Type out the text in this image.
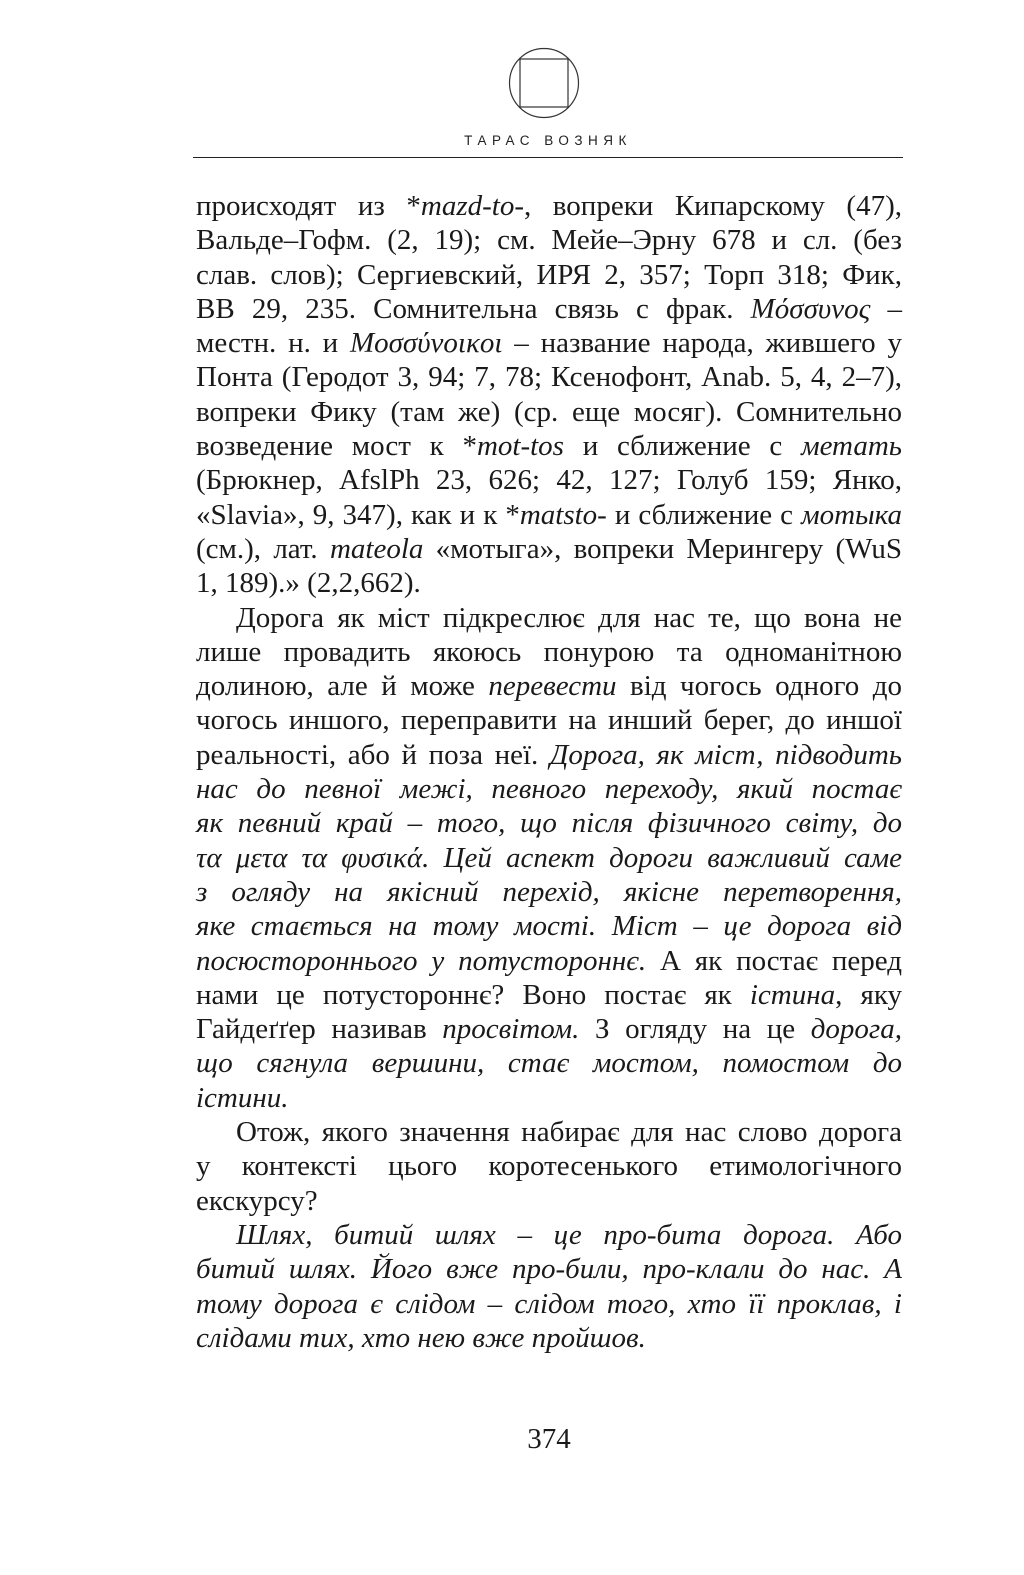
ТАРАС ВОЗНЯК
происходят из *mazd-to-, вопреки Кипарскому (47),
Вальде–Гофм. (2, 19); см. Мейе–Эрну 678 и сл. (без
слав. слов); Сергиевский, ИРЯ 2, 357; Торп 318; Фик,
BB 29, 235. Сомнительна связь с фрак. Μόσσυνος –
местн. н. и Μοσσύνοικοι – название народа, жившего у
Понта (Геродот 3, 94; 7, 78; Ксенофонт, Anab. 5, 4, 2–7),
вопреки Фику (там же) (ср. еще мосяг). Сомнительно
возведение мост к *mot-tos и сближение с метать
(Брюкнер, AfslPh 23, 626; 42, 127; Голуб 159; Янко,
«Slavia», 9, 347), как и к *matsto- и сближение с мотыка
(см.), лат. mateola «мотыга», вопреки Мерингеру (WuS
1, 189).» (2,2,662).
Дорога як міст підкреслює для нас те, що вона не
лише провадить якоюсь понурою та одноманітною
долиною, але й може перевести від чогось одного до
чогось иншого, переправити на инший берег, до иншої
реальності, або й поза неї. Дорога, як міст, підводить
нас до певної межі, певного переходу, який постає
як певний край – того, що після фізичного світу, до
τα μετα τα φυσικά. Цей аспект дороги важливий саме
з огляду на якісний перехід, якісне перетворення,
яке стається на тому мості. Міст – це дорога від
посюстороннього у потустороннє. А як постає перед
нами це потустороннє? Воно постає як істина, яку
Гайдеґґер називав просвітом. З огляду на це дорога,
що сягнула вершини, стає мостом, помостом до
істини.
Отож, якого значення набирає для нас слово дорога
у контексті цього коротесенького етимологічного
екскурсу?
Шлях, битий шлях – це про-бита дорога. Або
битий шлях. Його вже про-били, про-клали до нас. А
тому дорога є слідом – слідом того, хто її проклав, і
слідами тих, хто нею вже пройшов.
374
